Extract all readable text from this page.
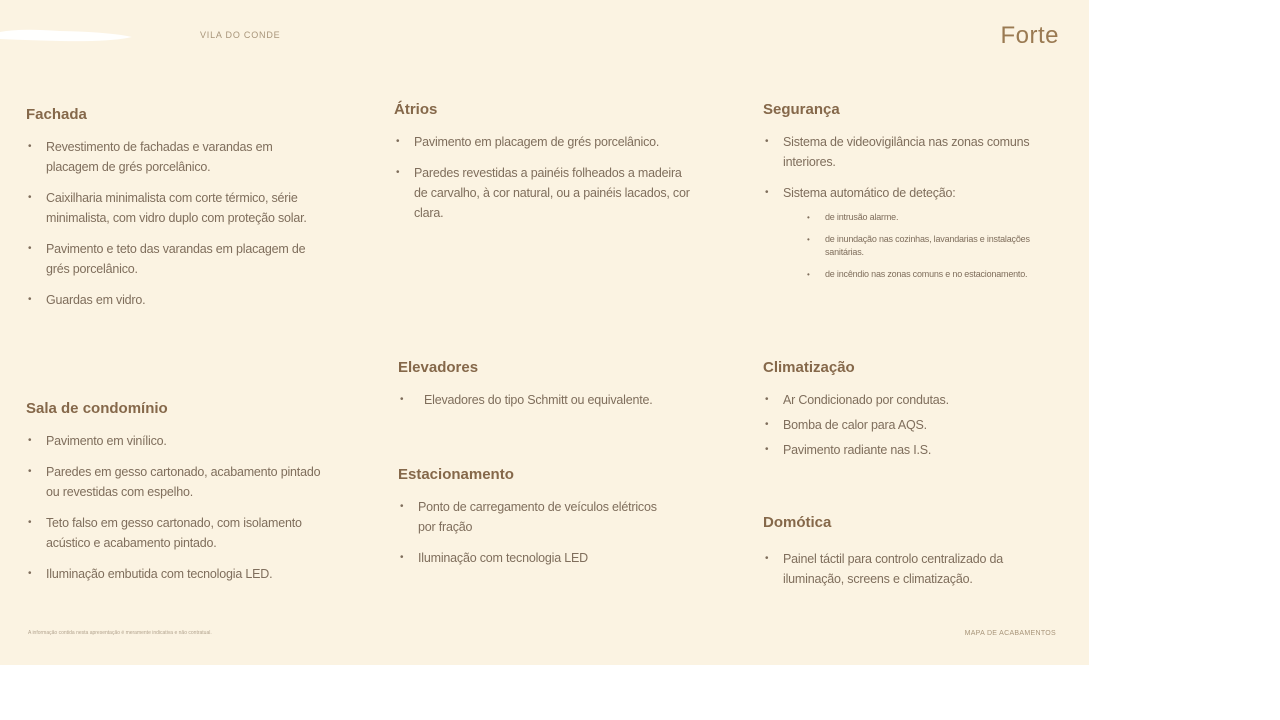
VILA DO CONDE	Forte
Fachada
• Revestimento de fachadas e varandas em placagem de grés porcelânico.
• Caixilharia minimalista com corte térmico, série minimalista, com vidro duplo com proteção solar.
• Pavimento e teto das varandas em placagem de grés porcelânico.
• Guardas em vidro.
Sala de condomínio
• Pavimento em vinílico.
• Paredes em gesso cartonado, acabamento pintado ou revestidas com espelho.
• Teto falso em gesso cartonado, com isolamento acústico e acabamento pintado.
• Iluminação embutida com tecnologia LED.
Átrios
• Pavimento em placagem de grés porcelânico.
• Paredes revestidas a painéis folheados a madeira de carvalho, à cor natural, ou a painéis lacados, cor clara.
Elevadores
• Elevadores do tipo Schmitt ou equivalente.
Estacionamento
• Ponto de carregamento de veículos elétricos por fração
• Iluminação com tecnologia LED
Segurança
• Sistema de videovigilância nas zonas comuns interiores.
• Sistema automático de deteção:
• de intrusão alarme.
• de inundação nas cozinhas, lavandarias e instalações sanitárias.
• de incêndio nas zonas comuns e no estacionamento.
Climatização
• Ar Condicionado por condutas.
• Bomba de calor para AQS.
• Pavimento radiante nas I.S.
Domótica
• Painel táctil para controlo centralizado da iluminação, screens e climatização.
A informação contida nesta apresentação é meramente indicativa e não contratual.	MAPA DE ACABAMENTOS
